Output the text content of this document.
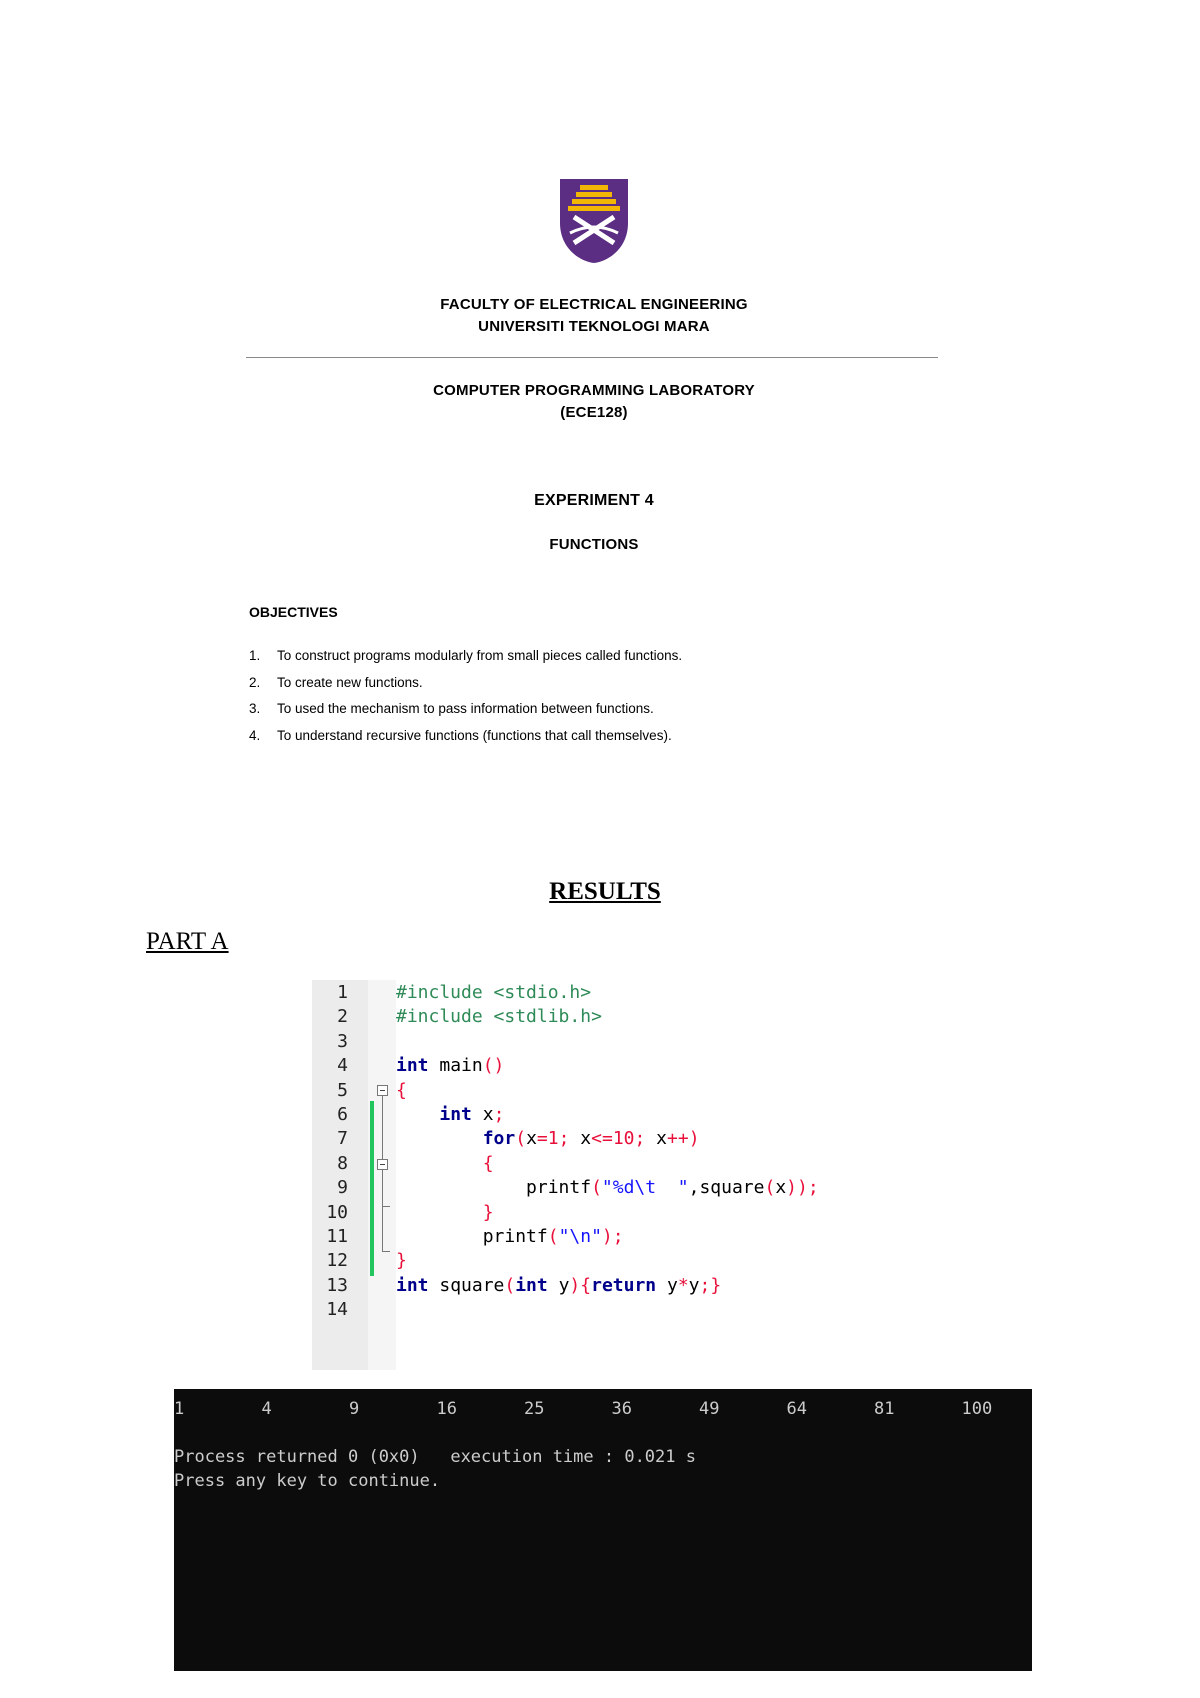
FACULTY OF ELECTRICAL ENGINEERING
UNIVERSITI TEKNOLOGI MARA
COMPUTER PROGRAMMING LABORATORY
(ECE128)
EXPERIMENT 4
FUNCTIONS
OBJECTIVES
1. To construct programs modularly from small pieces called functions.
2. To create new functions.
3. To used the mechanism to pass information between functions.
4. To understand recursive functions (functions that call themselves).
RESULTS
PART A
1
2
3
4
5
6
7
8
9
10
11
12
13
14
#include <stdio.h>
#include <stdlib.h>
int main()
{
int x;
for(x=1; x<=10; x++)
{
printf("%d\t  ",square(x));
}
printf("\n");
}
int square(int y){return y*y;}
1	4	9	16	25	36	49	64	81	100
Process returned 0 (0x0)   execution time : 0.021 s
Press any key to continue.
